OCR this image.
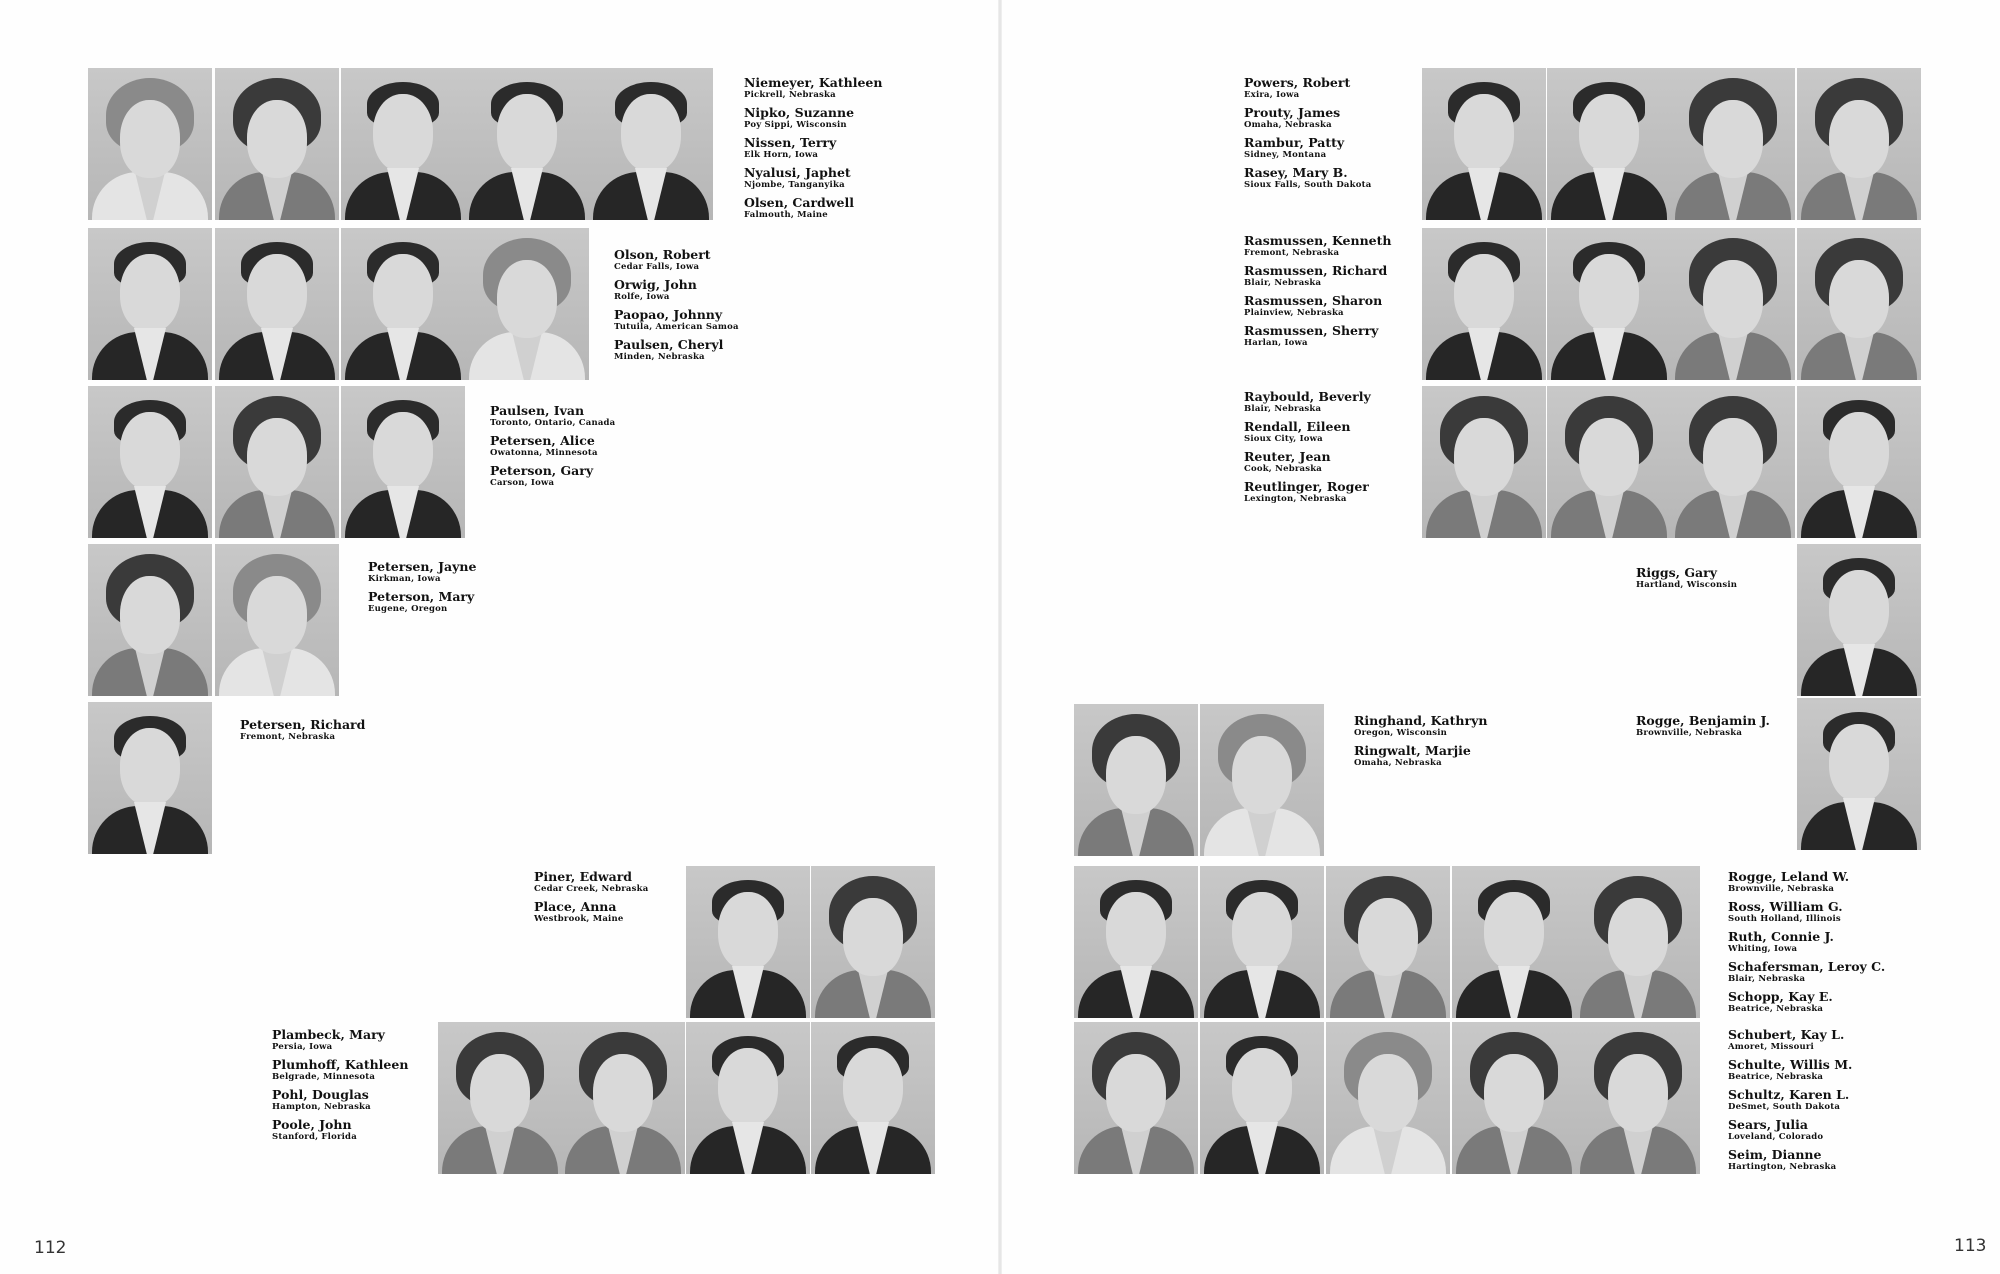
Niemeyer, Kathleen
Pickrell, Nebraska
Nipko, Suzanne
Poy Sippi, Wisconsin
Nissen, Terry
Elk Horn, Iowa
Nyalusi, Japhet
Njombe, Tanganyika
Olsen, Cardwell
Falmouth, Maine
Olson, Robert
Cedar Falls, Iowa
Orwig, John
Rolfe, Iowa
Paopao, Johnny
Tutuila, American Samoa
Paulsen, Cheryl
Minden, Nebraska
Paulsen, Ivan
Toronto, Ontario, Canada
Petersen, Alice
Owatonna, Minnesota
Peterson, Gary
Carson, Iowa
Petersen, Jayne
Kirkman, Iowa
Peterson, Mary
Eugene, Oregon
Petersen, Richard
Fremont, Nebraska
Piner, Edward
Cedar Creek, Nebraska
Place, Anna
Westbrook, Maine
Plambeck, Mary
Persia, Iowa
Plumhoff, Kathleen
Belgrade, Minnesota
Pohl, Douglas
Hampton, Nebraska
Poole, John
Stanford, Florida
Powers, Robert
Exira, Iowa
Prouty, James
Omaha, Nebraska
Rambur, Patty
Sidney, Montana
Rasey, Mary B.
Sioux Falls, South Dakota
Rasmussen, Kenneth
Fremont, Nebraska
Rasmussen, Richard
Blair, Nebraska
Rasmussen, Sharon
Plainview, Nebraska
Rasmussen, Sherry
Harlan, Iowa
Raybould, Beverly
Blair, Nebraska
Rendall, Eileen
Sioux City, Iowa
Reuter, Jean
Cook, Nebraska
Reutlinger, Roger
Lexington, Nebraska
Riggs, Gary
Hartland, Wisconsin
Ringhand, Kathryn
Oregon, Wisconsin
Ringwalt, Marjie
Omaha, Nebraska
Rogge, Benjamin J.
Brownville, Nebraska
Rogge, Leland W.
Brownville, Nebraska
Ross, William G.
South Holland, Illinois
Ruth, Connie J.
Whiting, Iowa
Schafersman, Leroy C.
Blair, Nebraska
Schopp, Kay E.
Beatrice, Nebraska
Schubert, Kay L.
Amoret, Missouri
Schulte, Willis M.
Beatrice, Nebraska
Schultz, Karen L.
DeSmet, South Dakota
Sears, Julia
Loveland, Colorado
Seim, Dianne
Hartington, Nebraska
112	113
